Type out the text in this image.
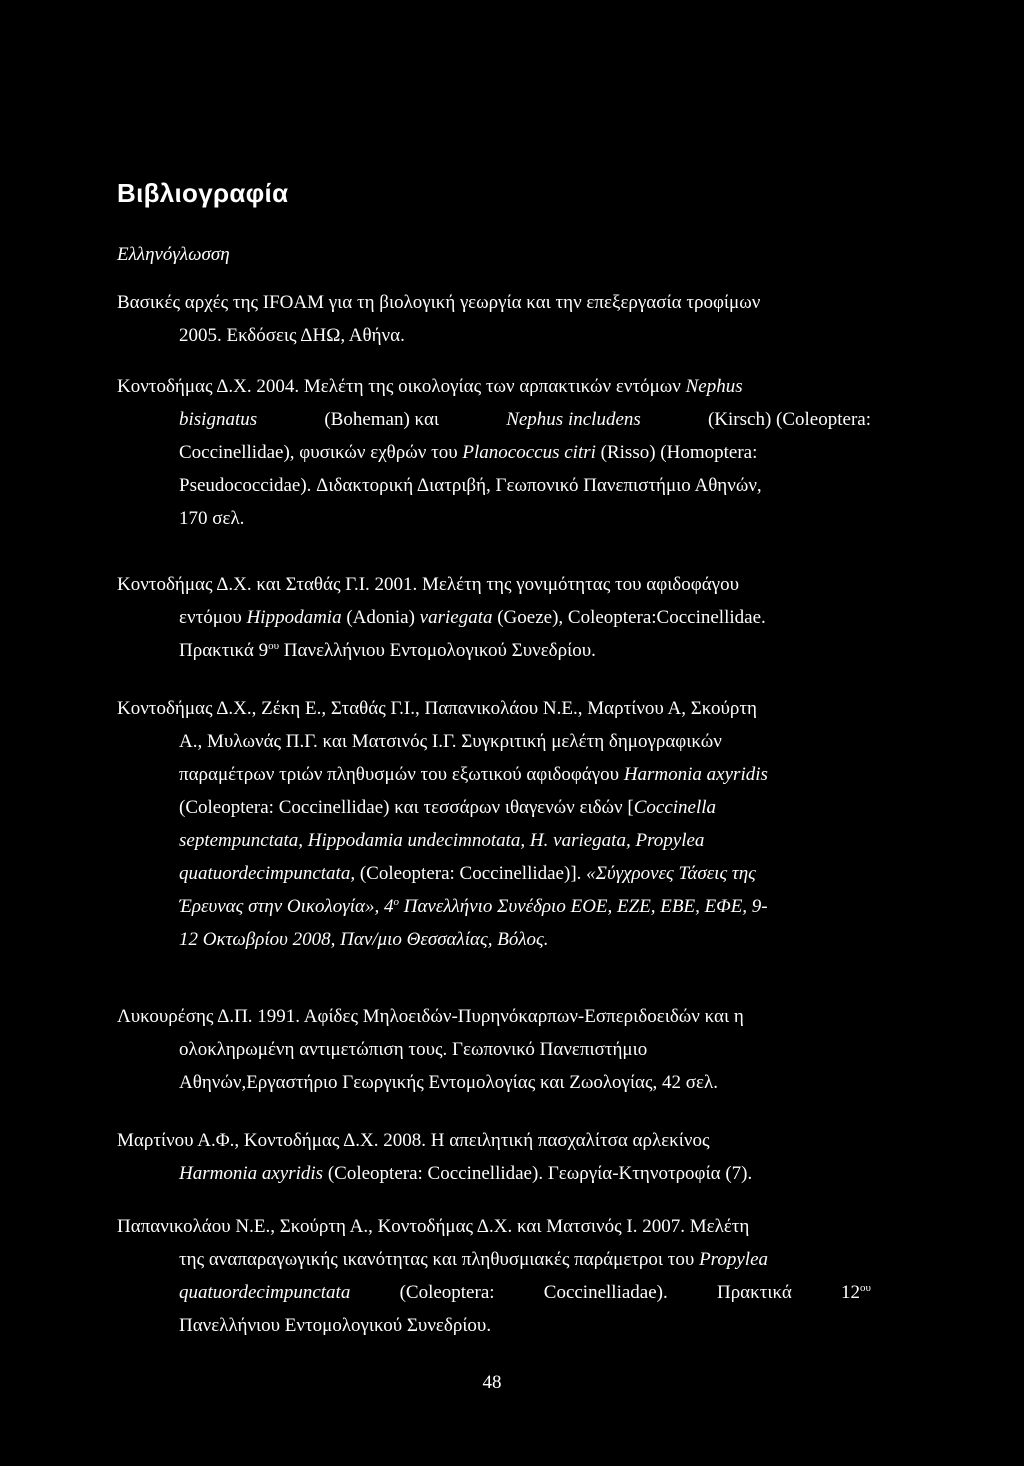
Βιβλιογραφία
Ελληνόγλωσση
Βασικές αρχές της IFOAM για τη βιολογική γεωργία και την επεξεργασία τροφίμων
2005. Εκδόσεις ΔΗΩ, Αθήνα.
Κοντοδήμας Δ.Χ. 2004. Μελέτη της οικολογίας των αρπακτικών εντόμων Nephus
bisignatus	(Boheman) και	Nephus includens	(Kirsch) (Coleoptera:
Coccinellidae), φυσικών εχθρών του Planococcus citri (Risso) (Homoptera:
Pseudococcidae). Διδακτορική Διατριβή, Γεωπονικό Πανεπιστήμιο Αθηνών,
170 σελ.
Κοντοδήμας Δ.Χ. και Σταθάς Γ.Ι. 2001. Μελέτη της γονιμότητας του αφιδοφάγου
εντόμου Hippodamia (Adonia) variegata (Goeze), Coleoptera:Coccinellidae.
Πρακτικά $9^{o\upsilon}$ Πανελλήνιου Εντομολογικού Συνεδρίου.
Κοντοδήμας Δ.Χ., Ζέκη Ε., Σταθάς Γ.Ι., Παπανικολάου Ν.Ε., Μαρτίνου Α, Σκούρτη
Α., Μυλωνάς Π.Γ. και Ματσινός Ι.Γ. Συγκριτική μελέτη δημογραφικών
παραμέτρων τριών πληθυσμών του εξωτικού αφιδοφάγου Harmonia axyridis
(Coleoptera: Coccinellidae) και τεσσάρων ιθαγενών ειδών [Coccinella
septempunctata, Hippodamia undecimnotata, H. variegata, Propylea
quatuordecimpunctata, (Coleoptera: Coccinellidae)]. «Σύγχρονες Τάσεις της
Έρευνας στην Οικολογία», $4^o$ Πανελλήνιο Συνέδριο ΕΟΕ, ΕΖΕ, ΕΒΕ, ΕΦΕ, 9-
12 Οκτωβρίου 2008, Παν/μιο Θεσσαλίας, Βόλος.
Λυκουρέσης Δ.Π. 1991. Αφίδες Μηλοειδών-Πυρηνόκαρπων-Εσπεριδοειδών και η
ολοκληρωμένη αντιμετώπιση τους. Γεωπονικό Πανεπιστήμιο
Αθηνών,Εργαστήριο Γεωργικής Εντομολογίας και Ζωολογίας, 42 σελ.
Μαρτίνου Α.Φ., Κοντοδήμας Δ.Χ. 2008. Η απειλητική πασχαλίτσα αρλεκίνος
Harmonia axyridis (Coleoptera: Coccinellidae). Γεωργία-Κτηνοτροφία (7).
Παπανικολάου Ν.Ε., Σκούρτη Α., Κοντοδήμας Δ.Χ. και Ματσινός Ι. 2007. Μελέτη
της αναπαραγωγικής ικανότητας και πληθυσμιακές παράμετροι του Propylea
quatuordecimpunctata	(Coleoptera:	Coccinelliadae).	Πρακτικά	$12^{o\upsilon}$
Πανελλήνιου Εντομολογικού Συνεδρίου.
48
